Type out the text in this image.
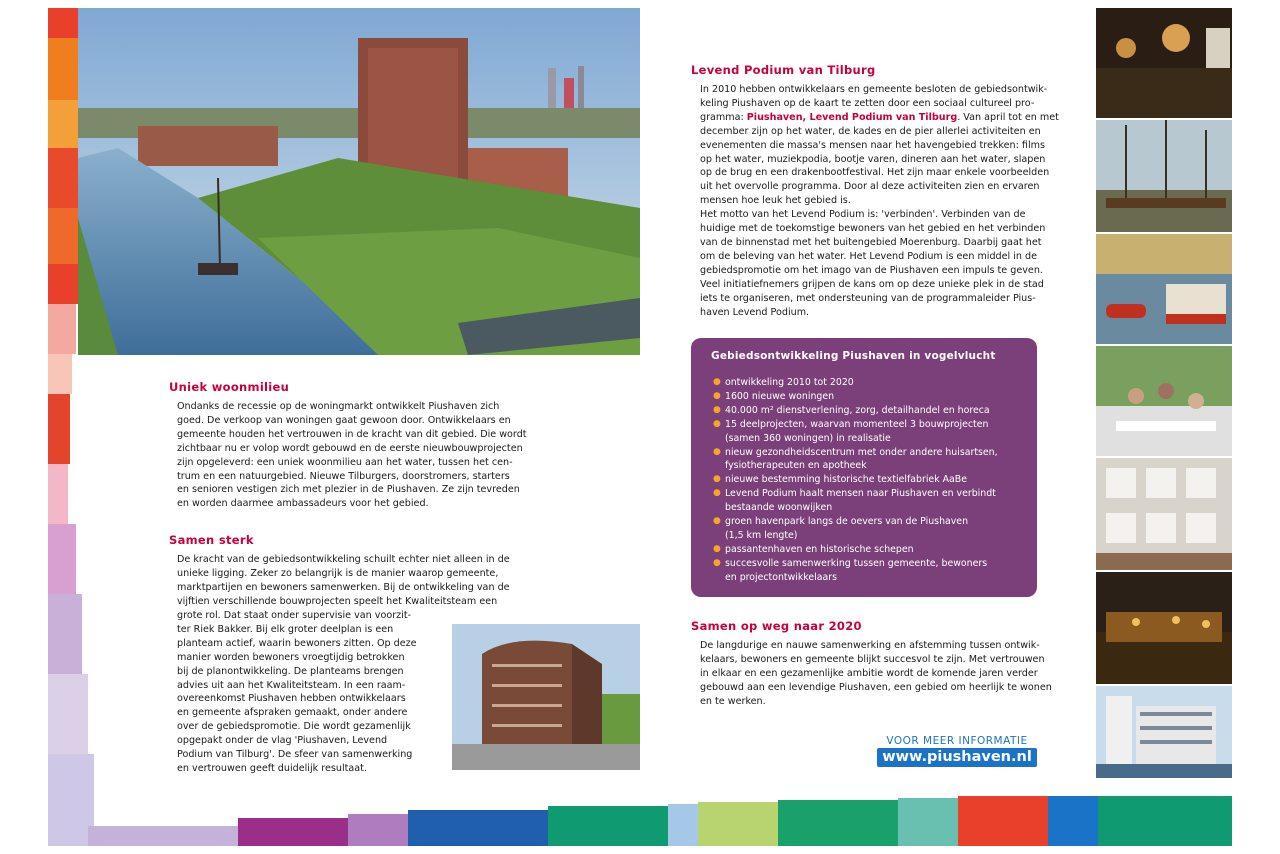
Uniek woonmilieu
Ondanks de recessie op de woningmarkt ontwikkelt Piushaven zich
goed. De verkoop van woningen gaat gewoon door. Ontwikkelaars en
gemeente houden het vertrouwen in de kracht van dit gebied. Die wordt
zichtbaar nu er volop wordt gebouwd en de eerste nieuwbouwprojecten
zijn opgeleverd: een uniek woonmilieu aan het water, tussen het cen-
trum en een natuurgebied. Nieuwe Tilburgers, doorstromers, starters
en senioren vestigen zich met plezier in de Piushaven. Ze zijn tevreden
en worden daarmee ambassadeurs voor het gebied.
Samen sterk
De kracht van de gebiedsontwikkeling schuilt echter niet alleen in de
unieke ligging. Zeker zo belangrijk is de manier waarop gemeente,
marktpartijen en bewoners samenwerken. Bij de ontwikkeling van de
vijftien verschillende bouwprojecten speelt het Kwaliteitsteam een
grote rol. Dat staat onder supervisie van voorzit-
ter Riek Bakker. Bij elk groter deelplan is een
planteam actief, waarin bewoners zitten. Op deze
manier worden bewoners vroegtijdig betrokken
bij de planontwikkeling. De planteams brengen
advies uit aan het Kwaliteitsteam. In een raam-
overeenkomst Piushaven hebben ontwikkelaars
en gemeente afspraken gemaakt, onder andere
over de gebiedspromotie. Die wordt gezamenlijk
opgepakt onder de vlag 'Piushaven, Levend
Podium van Tilburg'. De sfeer van samenwerking
en vertrouwen geeft duidelijk resultaat.
Levend Podium van Tilburg
In 2010 hebben ontwikkelaars en gemeente besloten de gebiedsontwik-
keling Piushaven op de kaart te zetten door een sociaal cultureel pro-
gramma: Piushaven, Levend Podium van Tilburg. Van april tot en met
december zijn op het water, de kades en de pier allerlei activiteiten en
evenementen die massa's mensen naar het havengebied trekken: films
op het water, muziekpodia, bootje varen, dineren aan het water, slapen
op de brug en een drakenbootfestival. Het zijn maar enkele voorbeelden
uit het overvolle programma. Door al deze activiteiten zien en ervaren
mensen hoe leuk het gebied is.
Het motto van het Levend Podium is: 'verbinden'. Verbinden van de
huidige met de toekomstige bewoners van het gebied en het verbinden
van de binnenstad met het buitengebied Moerenburg. Daarbij gaat het
om de beleving van het water. Het Levend Podium is een middel in de
gebiedspromotie om het imago van de Piushaven een impuls te geven.
Veel initiatiefnemers grijpen de kans om op deze unieke plek in de stad
iets te organiseren, met ondersteuning van de programmaleider Pius-
haven Levend Podium.
Gebiedsontwikkeling Piushaven in vogelvlucht
● ontwikkeling 2010 tot 2020
● 1600 nieuwe woningen
● 40.000 m² dienstverlening, zorg, detailhandel en horeca
● 15 deelprojecten, waarvan momenteel 3 bouwprojecten
(samen 360 woningen) in realisatie
● nieuw gezondheidscentrum met onder andere huisartsen,
fysiotherapeuten en apotheek
● nieuwe bestemming historische textielfabriek AaBe
● Levend Podium haalt mensen naar Piushaven en verbindt
bestaande woonwijken
● groen havenpark langs de oevers van de Piushaven
(1,5 km lengte)
● passantenhaven en historische schepen
● succesvolle samenwerking tussen gemeente, bewoners
en projectontwikkelaars
Samen op weg naar 2020
De langdurige en nauwe samenwerking en afstemming tussen ontwik-
kelaars, bewoners en gemeente blijkt succesvol te zijn. Met vertrouwen
in elkaar en een gezamenlijke ambitie wordt de komende jaren verder
gebouwd aan een levendige Piushaven, een gebied om heerlijk te wonen
en te werken.
VOOR MEER INFORMATIE
www.piushaven.nl
